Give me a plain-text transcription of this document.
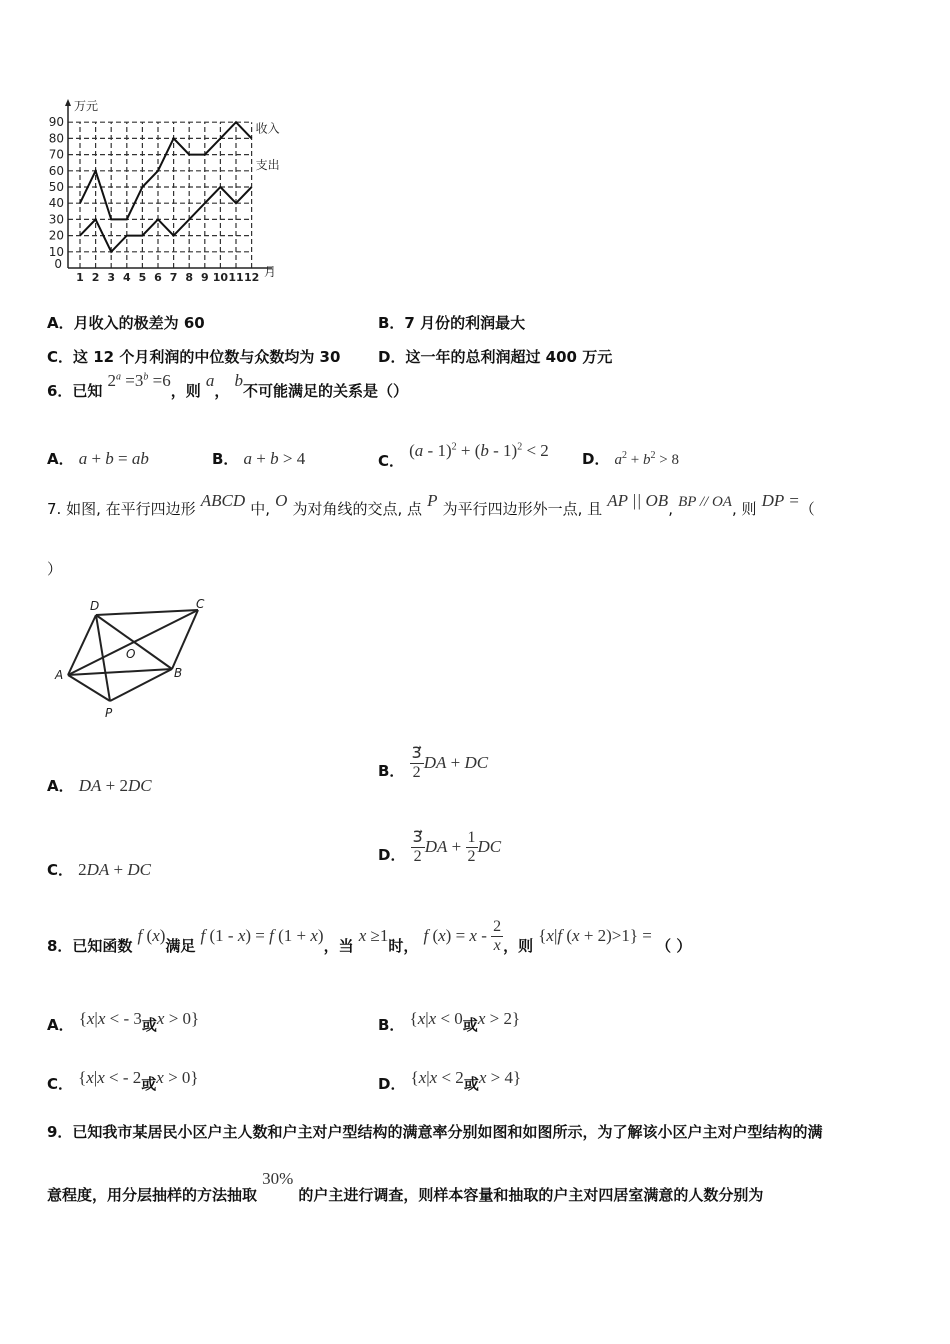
万元
月
0
10
20
30
40
50
60
70
80
90
1 2 3 4 5 6 7 8 9 10 11 12
收入
支出
A．月收入的极差为 60	B．7 月份的利润最大
C．这 12 个月利润的中位数与众数均为 30	D．这一年的总利润超过 400 万元
6．已知 $2^a =3^b =6$，则 a， b不可能满足的关系是（）
A． a + b = ab	B． a + b > 4	C． (a - 1)$^2$ + (b - 1)$^2$ < 2 D． $a^2 + b^2 > 8$
7. 如图, 在平行四边形 ABCD 中, O 为对角线的交点, 点 P 为平行四边形外一点, 且 AP || OB, BP // OA, 则 DP =（
）
D	C
O
A	B
P
A． DA + 2DC
B． $\frac{3⃗}{2}$ DA + DC
C． 2DA + DC
D． $\frac{3⃗}{2}$ DA + $\frac{1}{2}$ DC
8．已知函数 f (x)满足 f (1 - x) = f (1 + x)，当 x ≥1时， f $(x) = x - \frac{2}{x}$ ，则 {x|f (x + 2)>1} = （ ）
A． {x|x < - 3或x > 0}	B． {x|x < 0或x > 2}
C． {x|x < - 2或x > 0}	D． {x|x < 2或x > 4}
9．已知我市某居民小区户主人数和户主对户型结构的满意率分别如图和如图所示，为了解该小区户主对户型结构的满
意程度，用分层抽样的方法抽取 30% 的户主进行调查，则样本容量和抽取的户主对四居室满意的人数分别为
